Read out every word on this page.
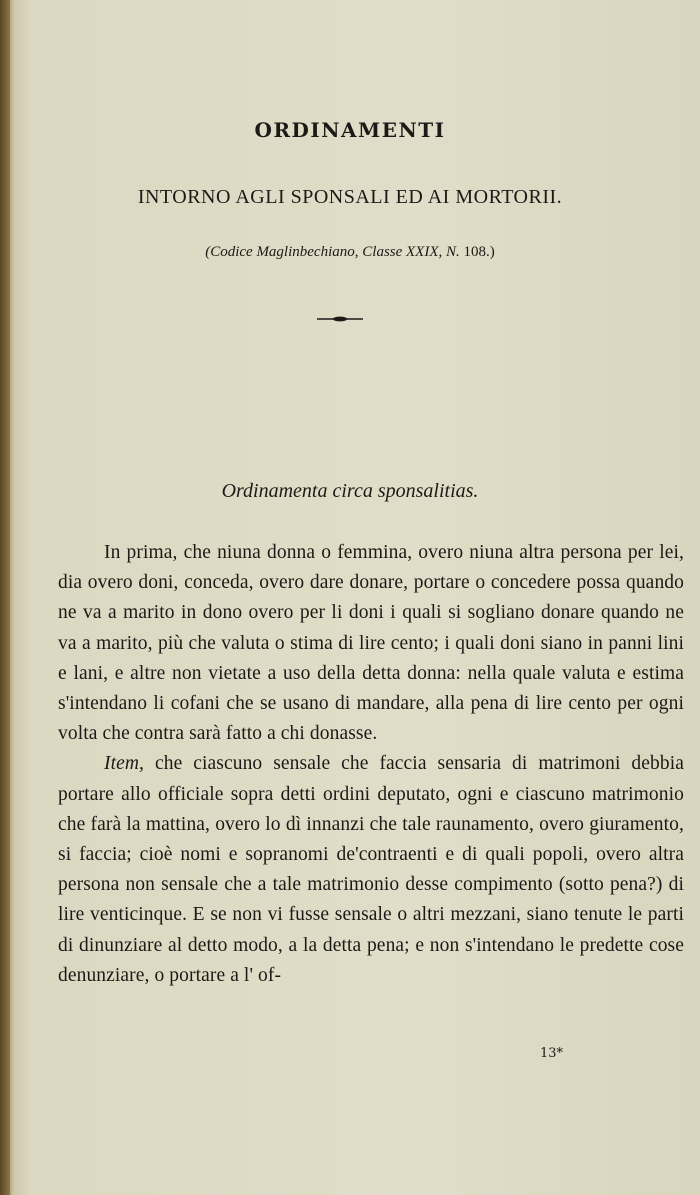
ORDINAMENTI
INTORNO AGLI SPONSALI ED AI MORTORII.
(Codice Maglinbechiano, Classe XXIX, N. 108.)
Ordinamenta circa sponsalitias.

In prima, che niuna donna o femmina, overo niuna altra persona per lei, dia overo doni, conceda, overo dare donare, portare o concedere possa quando ne va a marito in dono overo per li doni i quali si sogliano donare quando ne va a marito, più che valuta o stima di lire cento; i quali doni siano in panni lini e lani, e altre non vietate a uso della detta donna: nella quale valuta e estima s'intendano li cofani che se usano di mandare, alla pena di lire cento per ogni volta che contra sarà fatto a chi donasse.

Item, che ciascuno sensale che faccia sensaria di matrimoni debbia portare allo officiale sopra detti ordini deputato, ogni e ciascuno matrimonio che farà la mattina, overo lo dì innanzi che tale raunamento, overo giuramento, si faccia; cioè nomi e sopranomi de'contraenti e di quali popoli, overo altra persona non sensale che a tale matrimonio desse compimento (sotto pena?) di lire venticinque. E se non vi fusse sensale o altri mezzani, siano tenute le parti di dinunziare al detto modo, a la detta pena; e non s'intendano le predette cose denunziare, o portare a l' of-

13*
